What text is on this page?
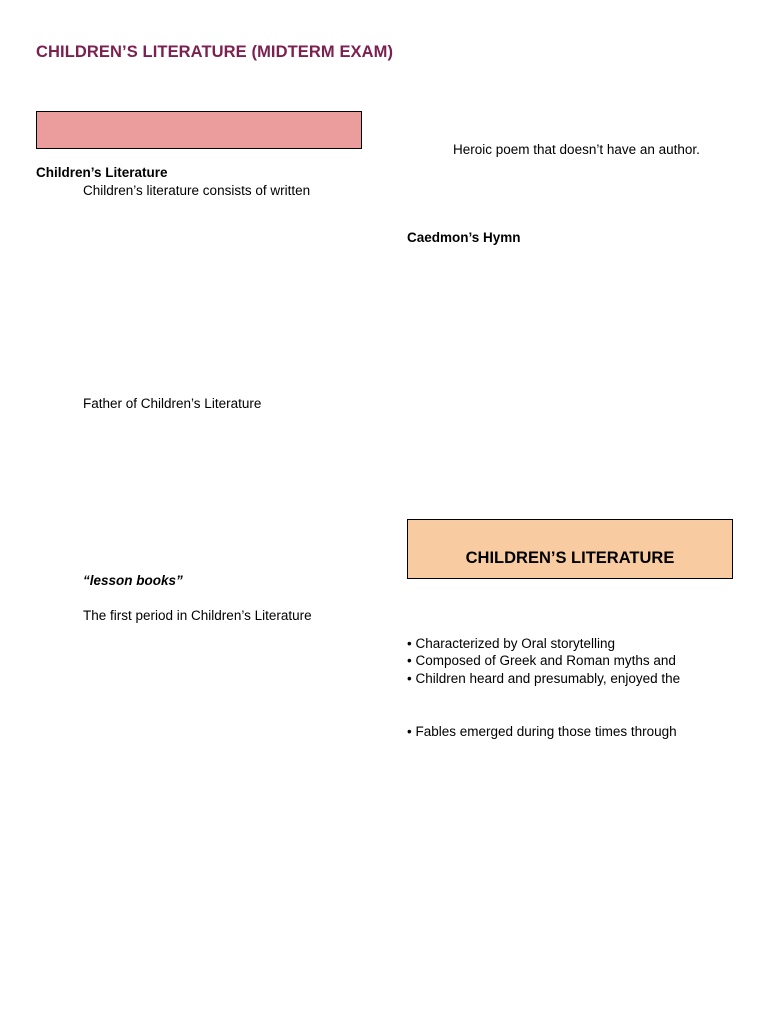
CHILDREN’S LITERATURE (MIDTERM EXAM)
Children’s Literature
Children’s literature consists of written
Father of Children’s Literature
“lesson books”
The first period in Children’s Literature
Heroic poem that doesn’t have an author.
Caedmon’s Hymn
CHILDREN’S LITERATURE
• Characterized by Oral storytelling
• Composed of Greek and Roman myths and
• Children heard and presumably, enjoyed the
• Fables emerged during those times through
